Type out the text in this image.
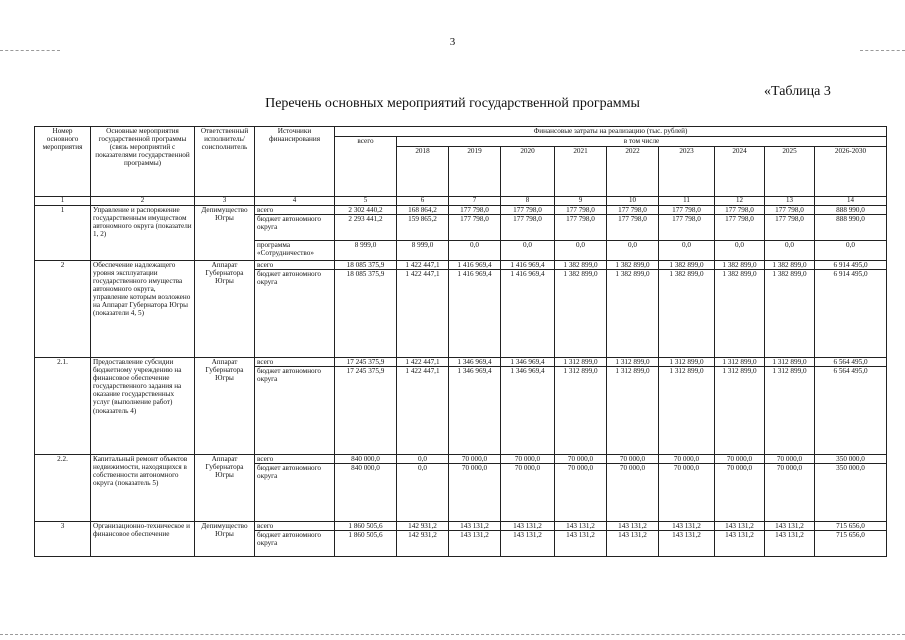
3
«Таблица 3
Перечень основных мероприятий государственной программы
Номер основного мероприятия	Основные мероприятия государственной программы (связь мероприятий с показателями государственной программы)	Ответственный исполнитель/ соисполнитель	Источники финансирования	Финансовые затраты на реализацию (тыс. рублей)									
				всего	в том числе								
					2018	2019	2020	2021	2022	2023	2024	2025	2026-2030
1	2	3	4	5	6	7	8	9	10	11	12	13	14
1	Управление и распоряжение государственным имуществом автономного округа (показатели 1, 2)	Депимущество Югры	всего	2 302 440,2	168 864,2	177 798,0	177 798,0	177 798,0	177 798,0	177 798,0	177 798,0	177 798,0	888 990,0
			бюджет автономного округа	2 293 441,2	159 865,2	177 798,0	177 798,0	177 798,0	177 798,0	177 798,0	177 798,0	177 798,0	888 990,0
			программа «Сотрудничество»	8 999,0	8 999,0	0,0	0,0	0,0	0,0	0,0	0,0	0,0	0,0
2	Обеспечение надлежащего уровня эксплуатации государственного имущества автономного округа, управление которым возложено на Аппарат Губернатора Югры (показатели 4, 5)	Аппарат Губернатора Югры	всего	18 085 375,9	1 422 447,1	1 416 969,4	1 416 969,4	1 382 899,0	1 382 899,0	1 382 899,0	1 382 899,0	1 382 899,0	6 914 495,0
			бюджет автономного округа	18 085 375,9	1 422 447,1	1 416 969,4	1 416 969,4	1 382 899,0	1 382 899,0	1 382 899,0	1 382 899,0	1 382 899,0	6 914 495,0
2.1.	Предоставление субсидии бюджетному учреждению на финансовое обеспечение государственного задания на оказание государственных услуг (выполнение работ) (показатель 4)	Аппарат Губернатора Югры	всего	17 245 375,9	1 422 447,1	1 346 969,4	1 346 969,4	1 312 899,0	1 312 899,0	1 312 899,0	1 312 899,0	1 312 899,0	6 564 495,0
			бюджет автономного округа	17 245 375,9	1 422 447,1	1 346 969,4	1 346 969,4	1 312 899,0	1 312 899,0	1 312 899,0	1 312 899,0	1 312 899,0	6 564 495,0
2.2.	Капитальный ремонт объектов недвижимости, находящихся в собственности автономного округа (показатель 5)	Аппарат Губернатора Югры	всего	840 000,0	0,0	70 000,0	70 000,0	70 000,0	70 000,0	70 000,0	70 000,0	70 000,0	350 000,0
			бюджет автономного округа	840 000,0	0,0	70 000,0	70 000,0	70 000,0	70 000,0	70 000,0	70 000,0	70 000,0	350 000,0
3	Организационно-техническое и финансовое обеспечение	Депимущество Югры	всего	1 860 505,6	142 931,2	143 131,2	143 131,2	143 131,2	143 131,2	143 131,2	143 131,2	143 131,2	715 656,0
			бюджет автономного округа	1 860 505,6	142 931,2	143 131,2	143 131,2	143 131,2	143 131,2	143 131,2	143 131,2	143 131,2	715 656,0
